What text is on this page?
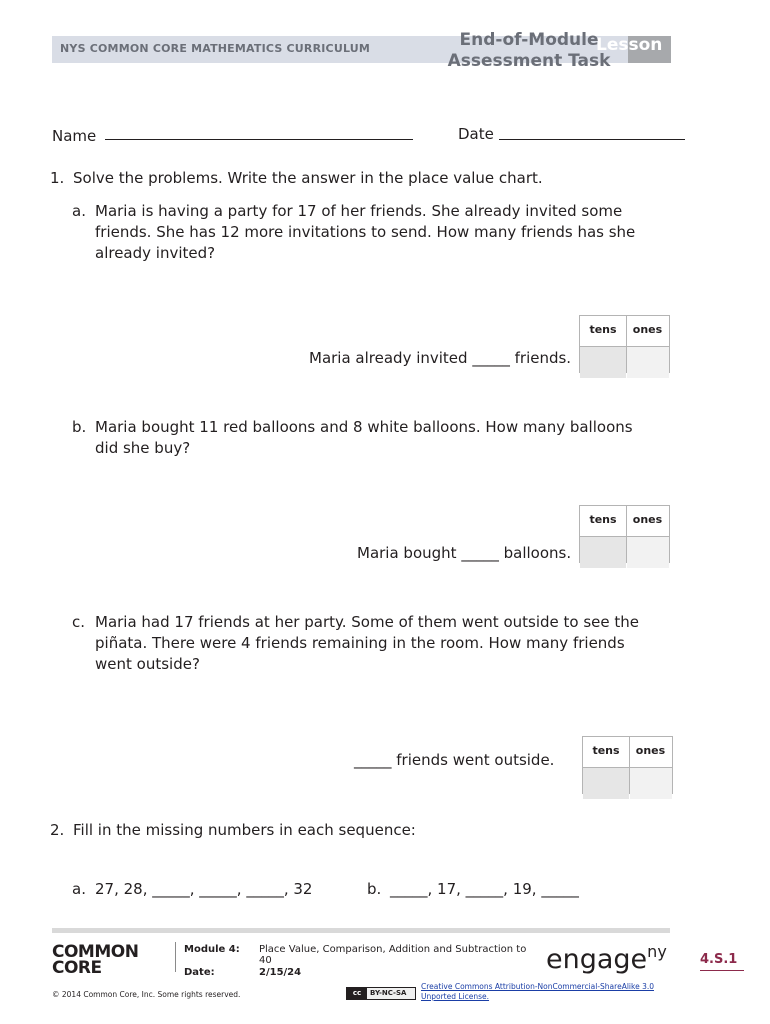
NYS COMMON CORE MATHEMATICS CURRICULUM	Lesson
End-of-Module
Assessment Task
Name	Date
1. Solve the problems. Write the answer in the place value chart.
a. Maria is having a party for 17 of her friends. She already invited some
friends. She has 12 more invitations to send. How many friends has she
already invited?
Maria already invited _____ friends.
tens	ones
b. Maria bought 11 red balloons and 8 white balloons. How many balloons
did she buy?
Maria bought _____ balloons.
tens	ones
c. Maria had 17 friends at her party. Some of them went outside to see the
piñata. There were 4 friends remaining in the room. How many friends
went outside?
_____ friends went outside.
tens	ones
2. Fill in the missing numbers in each sequence:
a. 27, 28, _____, _____, _____, 32	b. _____, 17, _____, 19, _____
COMMON
CORE
Module 4: Place Value, Comparison, Addition and Subtraction to 40
Date:	2/15/24	engage$^{ny}$	4.S.1
© 2014 Common Core, Inc. Some rights reserved.	cc BY-NC-SA
Creative Commons Attribution-NonCommercial-ShareAlike 3.0 Unported License.
